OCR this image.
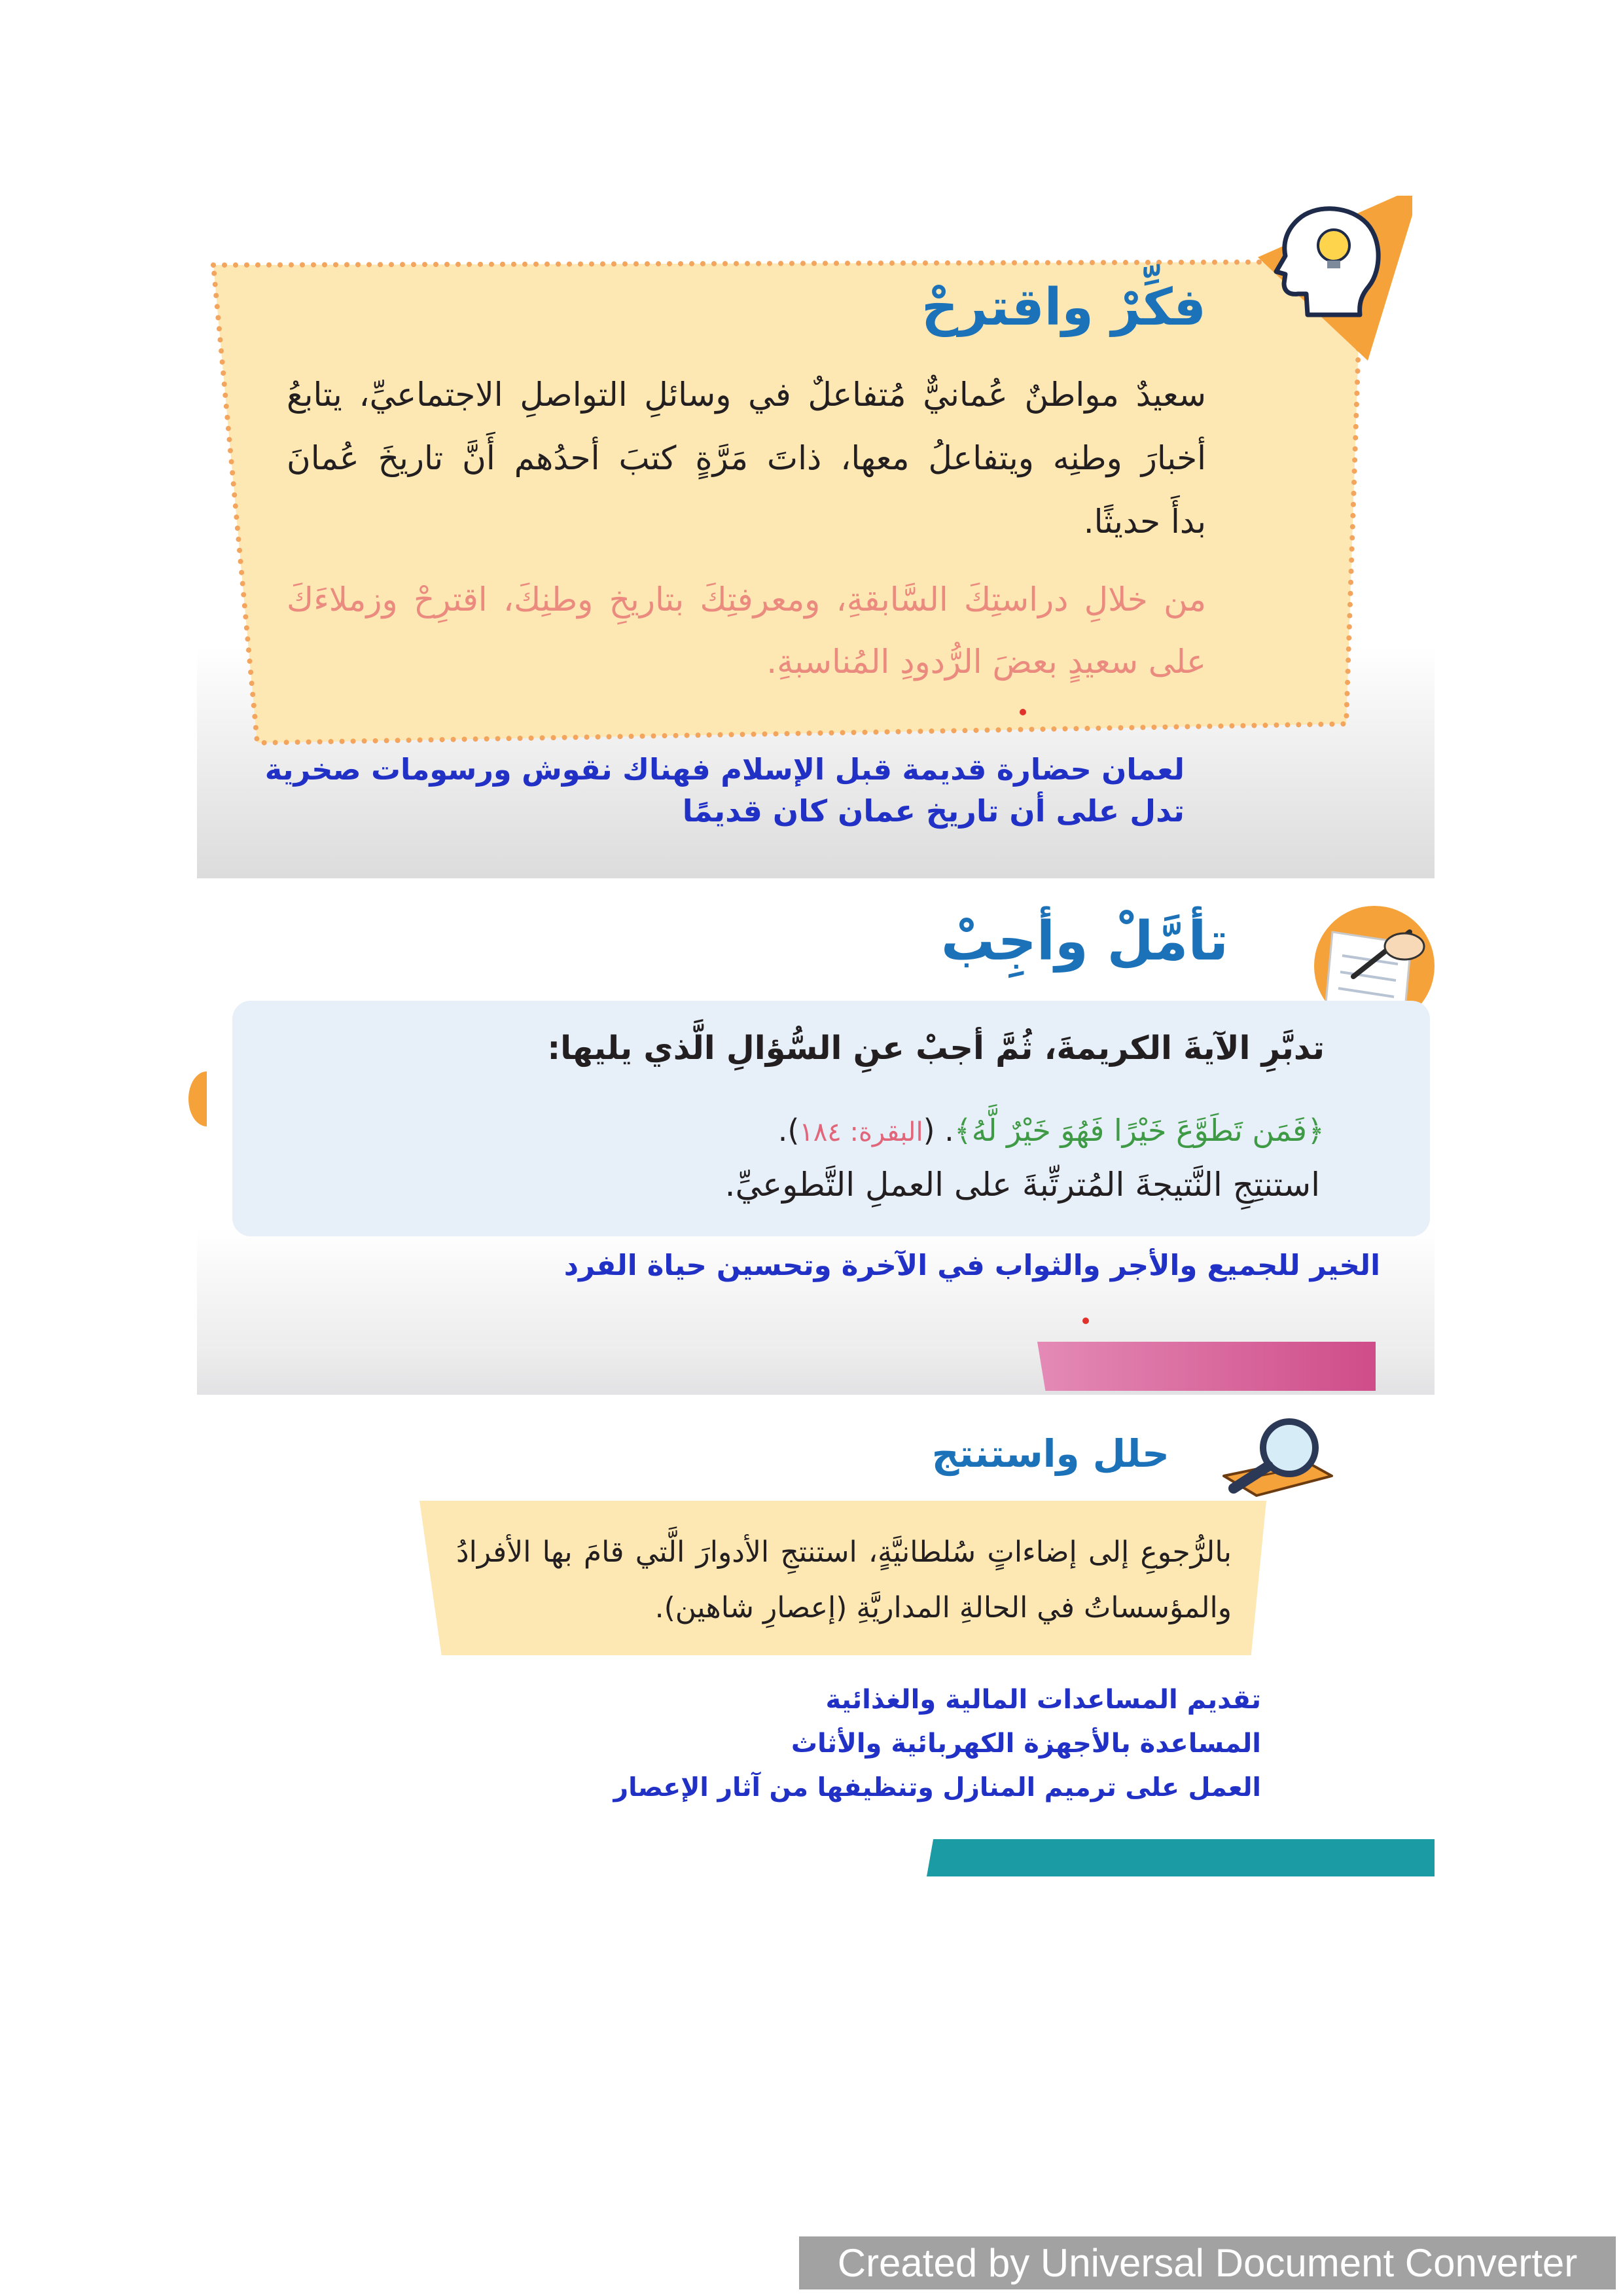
فكِّرْ واقترحْ
سعيدٌ مواطنٌ عُمانيٌّ مُتفاعلٌ في وسائلِ التواصلِ الاجتماعيِّ، يتابعُ
أخبارَ وطنِه ويتفاعلُ معها، ذاتَ مَرَّةٍ كتبَ أحدُهم أَنَّ تاريخَ عُمانَ
بدأَ حديثًا.
من خلالِ دراستِكَ السَّابقةِ، ومعرفتِكَ بتاريخِ وطنِكَ، اقترِحْ وزملاءَكَ
على سعيدٍ بعضَ الرُّدودِ المُناسبةِ.
لعمان حضارة قديمة قبل الإسلام فهناك نقوش ورسومات صخرية
تدل على أن تاريخ عمان كان قديمًا
تأمَّلْ وأجِبْ
تدبَّرِ الآيةَ الكريمةَ، ثُمَّ أجبْ عنِ السُّؤالِ الَّذي يليها:
﴿فَمَن تَطَوَّعَ خَيْرًا فَهُوَ خَيْرٌ لَّهُ﴾. (البقرة: ١٨٤).
استنتِجِ النَّتيجةَ المُترتِّبةَ على العملِ التَّطوعيِّ.
الخير للجميع والأجر والثواب في الآخرة وتحسين حياة الفرد
حلل واستنتج
بالرُّجوعِ إلى إضاءاتٍ سُلطانيَّةٍ، استنتجِ الأدوارَ الَّتي قامَ بها الأفرادُ
والمؤسساتُ في الحالةِ المداريَّةِ (إعصارِ شاهين).
تقديم المساعدات المالية والغذائية
المساعدة بالأجهزة الكهربائية والأثاث
العمل على ترميم المنازل وتنظيفها من آثار الإعصار
Created by Universal Document Converter
